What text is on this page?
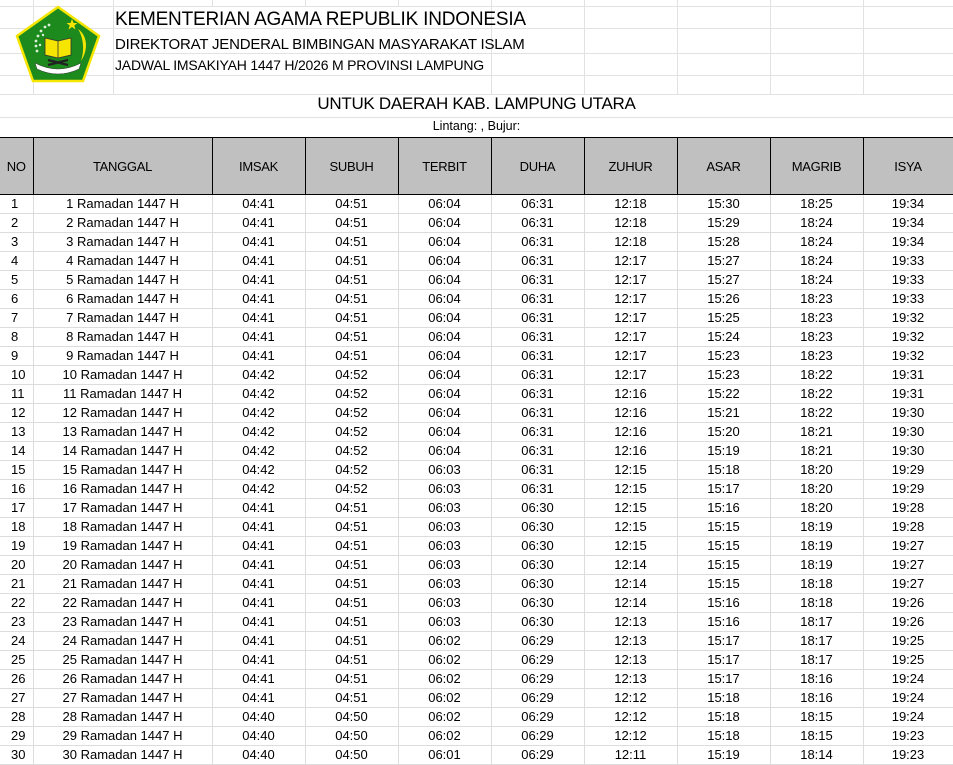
KEMENTERIAN AGAMA REPUBLIK INDONESIA
DIREKTORAT JENDERAL BIMBINGAN MASYARAKAT ISLAM
JADWAL IMSAKIYAH 1447 H/2026 M PROVINSI LAMPUNG
UNTUK DAERAH KAB. LAMPUNG UTARA
Lintang: , Bujur:
NO	TANGGAL	IMSAK	SUBUH	TERBIT	DUHA	ZUHUR	ASAR	MAGRIB	ISYA
1	1 Ramadan 1447 H	04:41	04:51	06:04	06:31	12:18	15:30	18:25	19:34
2	2 Ramadan 1447 H	04:41	04:51	06:04	06:31	12:18	15:29	18:24	19:34
3	3 Ramadan 1447 H	04:41	04:51	06:04	06:31	12:18	15:28	18:24	19:34
4	4 Ramadan 1447 H	04:41	04:51	06:04	06:31	12:17	15:27	18:24	19:33
5	5 Ramadan 1447 H	04:41	04:51	06:04	06:31	12:17	15:27	18:24	19:33
6	6 Ramadan 1447 H	04:41	04:51	06:04	06:31	12:17	15:26	18:23	19:33
7	7 Ramadan 1447 H	04:41	04:51	06:04	06:31	12:17	15:25	18:23	19:32
8	8 Ramadan 1447 H	04:41	04:51	06:04	06:31	12:17	15:24	18:23	19:32
9	9 Ramadan 1447 H	04:41	04:51	06:04	06:31	12:17	15:23	18:23	19:32
10	10 Ramadan 1447 H	04:42	04:52	06:04	06:31	12:17	15:23	18:22	19:31
11	11 Ramadan 1447 H	04:42	04:52	06:04	06:31	12:16	15:22	18:22	19:31
12	12 Ramadan 1447 H	04:42	04:52	06:04	06:31	12:16	15:21	18:22	19:30
13	13 Ramadan 1447 H	04:42	04:52	06:04	06:31	12:16	15:20	18:21	19:30
14	14 Ramadan 1447 H	04:42	04:52	06:04	06:31	12:16	15:19	18:21	19:30
15	15 Ramadan 1447 H	04:42	04:52	06:03	06:31	12:15	15:18	18:20	19:29
16	16 Ramadan 1447 H	04:42	04:52	06:03	06:31	12:15	15:17	18:20	19:29
17	17 Ramadan 1447 H	04:41	04:51	06:03	06:30	12:15	15:16	18:20	19:28
18	18 Ramadan 1447 H	04:41	04:51	06:03	06:30	12:15	15:15	18:19	19:28
19	19 Ramadan 1447 H	04:41	04:51	06:03	06:30	12:15	15:15	18:19	19:27
20	20 Ramadan 1447 H	04:41	04:51	06:03	06:30	12:14	15:15	18:19	19:27
21	21 Ramadan 1447 H	04:41	04:51	06:03	06:30	12:14	15:15	18:18	19:27
22	22 Ramadan 1447 H	04:41	04:51	06:03	06:30	12:14	15:16	18:18	19:26
23	23 Ramadan 1447 H	04:41	04:51	06:03	06:30	12:13	15:16	18:17	19:26
24	24 Ramadan 1447 H	04:41	04:51	06:02	06:29	12:13	15:17	18:17	19:25
25	25 Ramadan 1447 H	04:41	04:51	06:02	06:29	12:13	15:17	18:17	19:25
26	26 Ramadan 1447 H	04:41	04:51	06:02	06:29	12:13	15:17	18:16	19:24
27	27 Ramadan 1447 H	04:41	04:51	06:02	06:29	12:12	15:18	18:16	19:24
28	28 Ramadan 1447 H	04:40	04:50	06:02	06:29	12:12	15:18	18:15	19:24
29	29 Ramadan 1447 H	04:40	04:50	06:02	06:29	12:12	15:18	18:15	19:23
30	30 Ramadan 1447 H	04:40	04:50	06:01	06:29	12:11	15:19	18:14	19:23
